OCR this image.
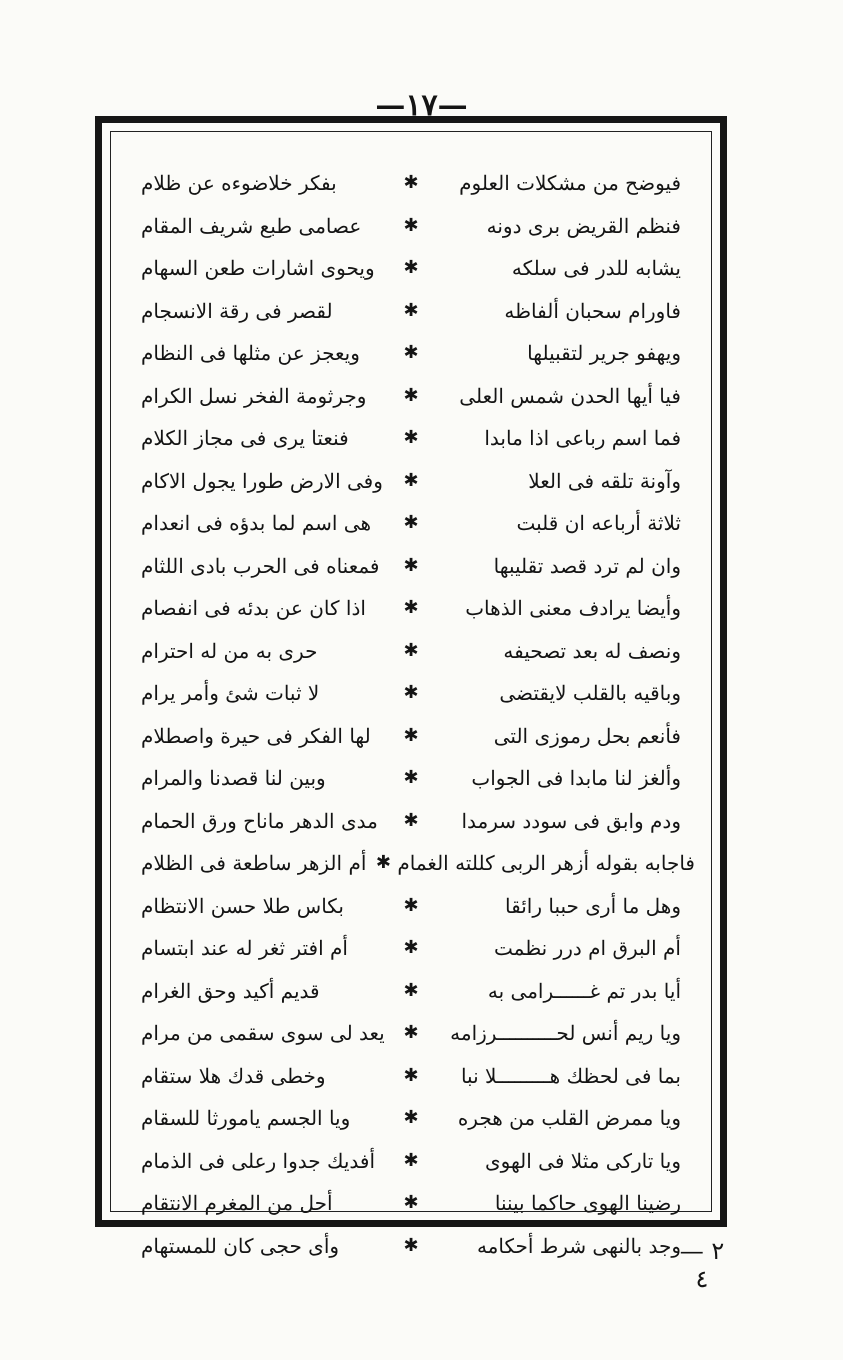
—١٧—
فيوضح من مشكلات العلوم
✱
بفكر خلاضوءه عن ظلام
فنظم القريض برى دونه
✱
عصامى طبع شريف المقام
يشابه للدر فى سلكه
✱
ويحوى اشارات طعن السهام
فاورام سحبان ألفاظه
✱
لقصر فى رقة الانسجام
ويهفو جرير لتقبيلها
✱
ويعجز عن مثلها فى النظام
فيا أيها الحدن شمس العلى
✱
وجرثومة الفخر نسل الكرام
فما اسم رباعى اذا مابدا
✱
فنعتا يرى فى مجاز الكلام
وآونة تلقه فى العلا
✱
وفى الارض طورا يجول الاكام
ثلاثة أرباعه ان قلبت
✱
هى اسم لما بدؤه فى انعدام
وان لم ترد قصد تقليبها
✱
فمعناه فى الحرب بادى اللثام
وأيضا يرادف معنى الذهاب
✱
اذا كان عن بدئه فى انفصام
ونصف له بعد تصحيفه
✱
حرى به من له احترام
وباقيه بالقلب لايقتضى
✱
لا ثبات شئ وأمر يرام
فأنعم بحل رموزى التى
✱
لها الفكر فى حيرة واصطلام
وألغز لنا مابدا فى الجواب
✱
وبين لنا قصدنا والمرام
ودم وابق فى سودد سرمدا
✱
مدى الدهر ماناح ورق الحمام
فاجابه بقوله أزهر الربى كللته الغمام
✱
أم الزهر ساطعة فى الظلام
وهل ما أرى حببا رائقا
✱
بكاس طلا حسن الانتظام
أم البرق ام درر نظمت
✱
أم افتر ثغر له عند ابتسام
أيا بدر تم غــــــرامى به
✱
قديم أكيد وحق الغرام
ويا ريم أنس لحــــــــــرزامه
✱
يعد لى سوى سقمى من مرام
بما فى لحظك هـــــــــلا نبا
✱
وخطى قدك هلا ستقام
ويا ممرض القلب من هجره
✱
ويا الجسم يامورثا للسقام
ويا تاركى مثلا فى الهوى
✱
أفديك جدوا رعلى فى الذمام
رضينا الهوى حاكما بيننا
✱
أحل من المغرم الانتقام
وجد بالنهى شرط أحكامه
✱
وأى حجى كان للمستهام	٢ — ٤
